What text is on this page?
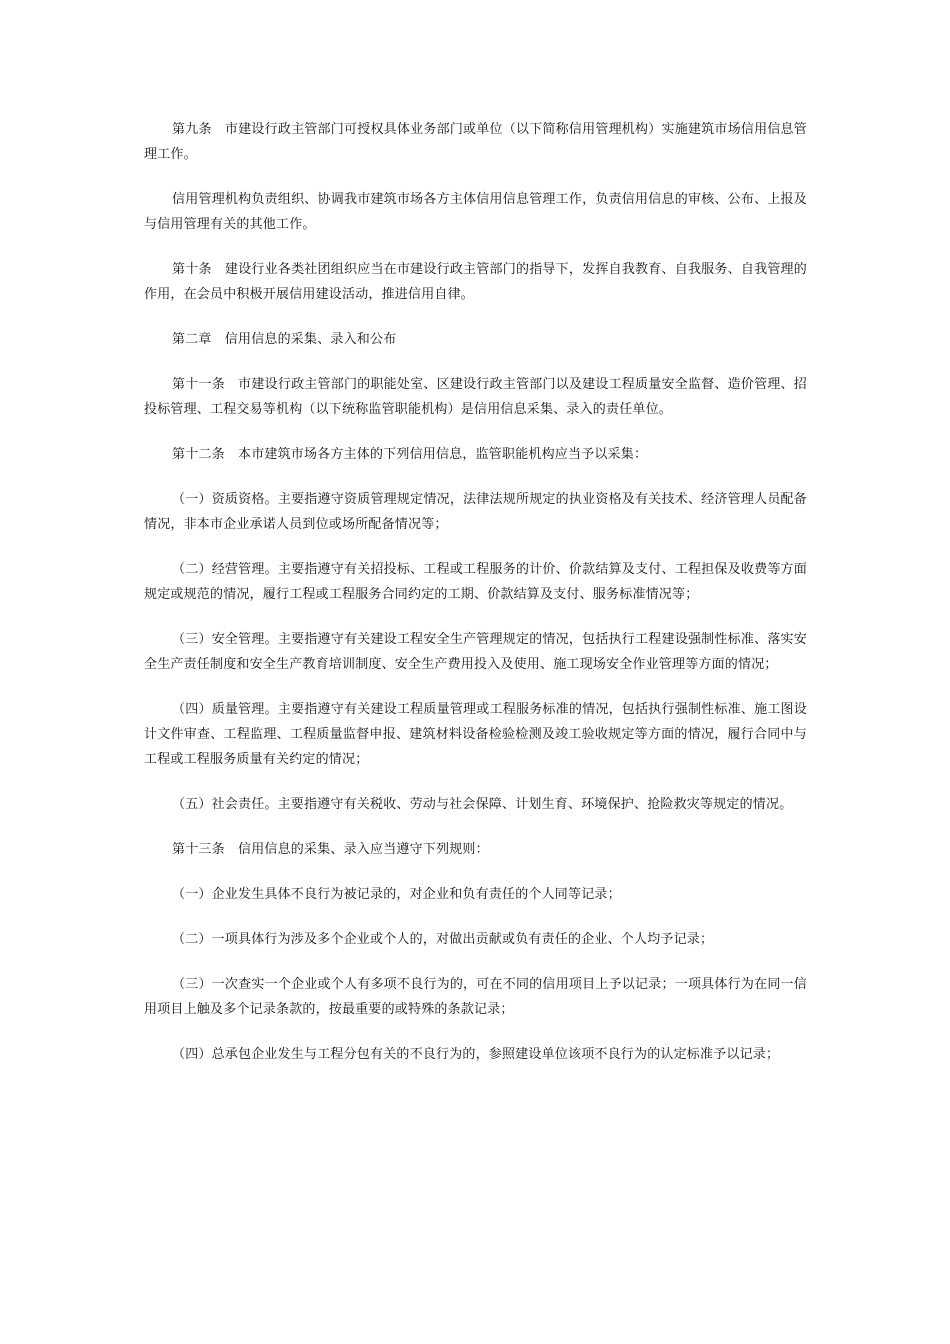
第九条　市建设行政主管部门可授权具体业务部门或单位（以下简称信用管理机构）实施建筑市场信用信息管理工作。

信用管理机构负责组织、协调我市建筑市场各方主体信用信息管理工作，负责信用信息的审核、公布、上报及与信用管理有关的其他工作。

第十条　建设行业各类社团组织应当在市建设行政主管部门的指导下，发挥自我教育、自我服务、自我管理的作用，在会员中积极开展信用建设活动，推进信用自律。

第二章　信用信息的采集、录入和公布

第十一条　市建设行政主管部门的职能处室、区建设行政主管部门以及建设工程质量安全监督、造价管理、招投标管理、工程交易等机构（以下统称监管职能机构）是信用信息采集、录入的责任单位。

第十二条　本市建筑市场各方主体的下列信用信息，监管职能机构应当予以采集：

（一）资质资格。主要指遵守资质管理规定情况，法律法规所规定的执业资格及有关技术、经济管理人员配备情况，非本市企业承诺人员到位或场所配备情况等；

（二）经营管理。主要指遵守有关招投标、工程或工程服务的计价、价款结算及支付、工程担保及收费等方面规定或规范的情况，履行工程或工程服务合同约定的工期、价款结算及支付、服务标准情况等；

（三）安全管理。主要指遵守有关建设工程安全生产管理规定的情况，包括执行工程建设强制性标准、落实安全生产责任制度和安全生产教育培训制度、安全生产费用投入及使用、施工现场安全作业管理等方面的情况；

（四）质量管理。主要指遵守有关建设工程质量管理或工程服务标准的情况，包括执行强制性标准、施工图设计文件审查、工程监理、工程质量监督申报、建筑材料设备检验检测及竣工验收规定等方面的情况，履行合同中与工程或工程服务质量有关约定的情况；

（五）社会责任。主要指遵守有关税收、劳动与社会保障、计划生育、环境保护、抢险救灾等规定的情况。

第十三条　信用信息的采集、录入应当遵守下列规则：

（一）企业发生具体不良行为被记录的，对企业和负有责任的个人同等记录；

（二）一项具体行为涉及多个企业或个人的，对做出贡献或负有责任的企业、个人均予记录；

（三）一次查实一个企业或个人有多项不良行为的，可在不同的信用项目上予以记录；一项具体行为在同一信用项目上触及多个记录条款的，按最重要的或特殊的条款记录；

（四）总承包企业发生与工程分包有关的不良行为的，参照建设单位该项不良行为的认定标准予以记录；
